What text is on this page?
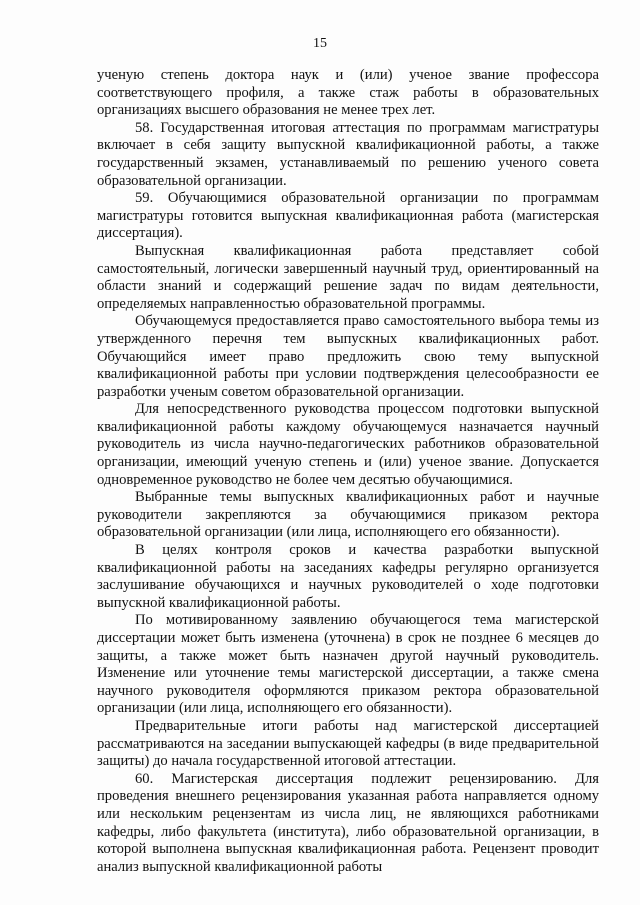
15

ученую степень доктора наук и (или) ученое звание профессора соответствующего профиля, а также стаж работы в образовательных организациях высшего образования не менее трех лет.

58. Государственная итоговая аттестация по программам магистратуры включает в себя защиту выпускной квалификационной работы, а также государственный экзамен, устанавливаемый по решению ученого совета образовательной организации.

59. Обучающимися образовательной организации по программам магистратуры готовится выпускная квалификационная работа (магистерская диссертация).

Выпускная квалификационная работа представляет собой самостоятельный, логически завершенный научный труд, ориентированный на области знаний и содержащий решение задач по видам деятельности, определяемых направленностью образовательной программы.

Обучающемуся предоставляется право самостоятельного выбора темы из утвержденного перечня тем выпускных квалификационных работ. Обучающийся имеет право предложить свою тему выпускной квалификационной работы при условии подтверждения целесообразности ее разработки ученым советом образовательной организации.

Для непосредственного руководства процессом подготовки выпускной квалификационной работы каждому обучающемуся назначается научный руководитель из числа научно-педагогических работников образовательной организации, имеющий ученую степень и (или) ученое звание. Допускается одновременное руководство не более чем десятью обучающимися.

Выбранные темы выпускных квалификационных работ и научные руководители закрепляются за обучающимися приказом ректора образовательной организации (или лица, исполняющего его обязанности).

В целях контроля сроков и качества разработки выпускной квалификационной работы на заседаниях кафедры регулярно организуется заслушивание обучающихся и научных руководителей о ходе подготовки выпускной квалификационной работы.

По мотивированному заявлению обучающегося тема магистерской диссертации может быть изменена (уточнена) в срок не позднее 6 месяцев до защиты, а также может быть назначен другой научный руководитель. Изменение или уточнение темы магистерской диссертации, а также смена научного руководителя оформляются приказом ректора образовательной организации (или лица, исполняющего его обязанности).

Предварительные итоги работы над магистерской диссертацией рассматриваются на заседании выпускающей кафедры (в виде предварительной защиты) до начала государственной итоговой аттестации.

60. Магистерская диссертация подлежит рецензированию. Для проведения внешнего рецензирования указанная работа направляется одному или нескольким рецензентам из числа лиц, не являющихся работниками кафедры, либо факультета (института), либо образовательной организации, в которой выполнена выпускная квалификационная работа. Рецензент проводит анализ выпускной квалификационной работы
